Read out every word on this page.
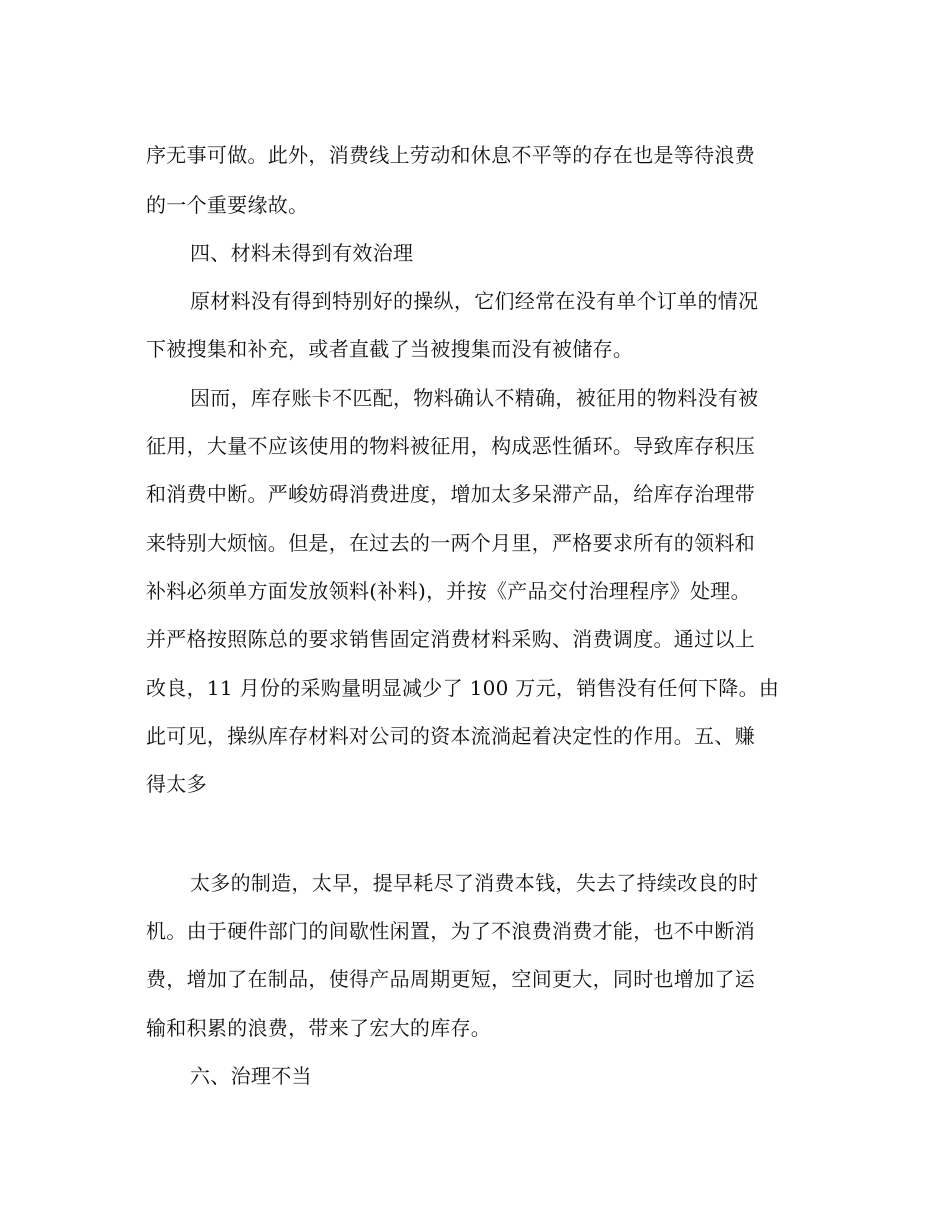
序无事可做。此外，消费线上劳动和休息不平等的存在也是等待浪费
的一个重要缘故。
四、材料未得到有效治理
原材料没有得到特别好的操纵，它们经常在没有单个订单的情况
下被搜集和补充，或者直截了当被搜集而没有被储存。
因而，库存账卡不匹配，物料确认不精确，被征用的物料没有被
征用，大量不应该使用的物料被征用，构成恶性循环。导致库存积压
和消费中断。严峻妨碍消费进度，增加太多呆滞产品，给库存治理带
来特别大烦恼。但是，在过去的一两个月里，严格要求所有的领料和
补料必须单方面发放领料(补料)，并按《产品交付治理程序》处理。
并严格按照陈总的要求销售固定消费材料采购、消费调度。通过以上
改良，11 月份的采购量明显减少了 100 万元，销售没有任何下降。由
此可见，操纵库存材料对公司的资本流淌起着决定性的作用。五、赚
得太多
太多的制造，太早，提早耗尽了消费本钱，失去了持续改良的时
机。由于硬件部门的间歇性闲置，为了不浪费消费才能，也不中断消
费，增加了在制品，使得产品周期更短，空间更大，同时也增加了运
输和积累的浪费，带来了宏大的库存。
六、治理不当
